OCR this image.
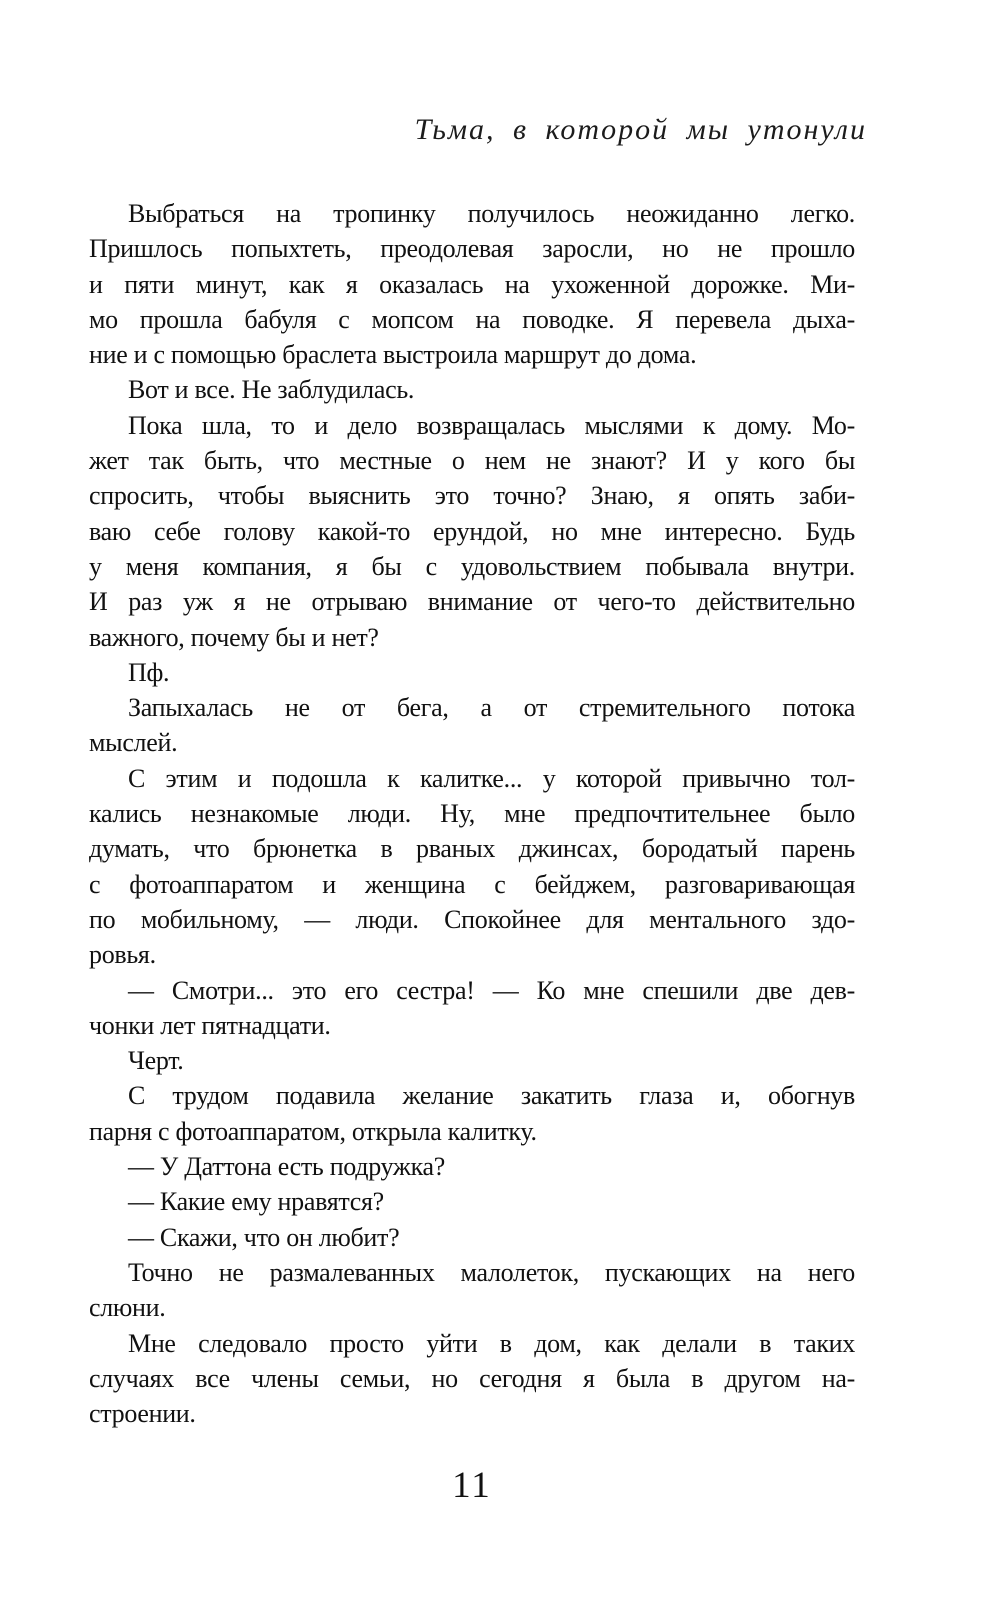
Тьма, в которой мы утонули
Выбраться на тропинку получилось неожиданно легко.
Пришлось попыхтеть, преодолевая заросли, но не прошло
и пяти минут, как я оказалась на ухоженной дорожке. Ми-
мо прошла бабуля с мопсом на поводке. Я перевела дыха-
ние и с помощью браслета выстроила маршрут до дома.
Вот и все. Не заблудилась.
Пока шла, то и дело возвращалась мыслями к дому. Мо-
жет так быть, что местные о нем не знают? И у кого бы
спросить, чтобы выяснить это точно? Знаю, я опять заби-
ваю себе голову какой-то ерундой, но мне интересно. Будь
у меня компания, я бы с удовольствием побывала внутри.
И раз уж я не отрываю внимание от чего-то действительно
важного, почему бы и нет?
Пф.
Запыхалась не от бега, а от стремительного потока
мыслей.
С этим и подошла к калитке... у которой привычно тол-
кались незнакомые люди. Ну, мне предпочтительнее было
думать, что брюнетка в рваных джинсах, бородатый парень
с фотоаппаратом и женщина с бейджем, разговаривающая
по мобильному, — люди. Спокойнее для ментального здо-
ровья.
— Смотри... это его сестра! — Ко мне спешили две дев-
чонки лет пятнадцати.
Черт.
С трудом подавила желание закатить глаза и, обогнув
парня с фотоаппаратом, открыла калитку.
— У Даттона есть подружка?
— Какие ему нравятся?
— Скажи, что он любит?
Точно не размалеванных малолеток, пускающих на него
слюни.
Мне следовало просто уйти в дом, как делали в таких
случаях все члены семьи, но сегодня я была в другом на-
строении.
11
